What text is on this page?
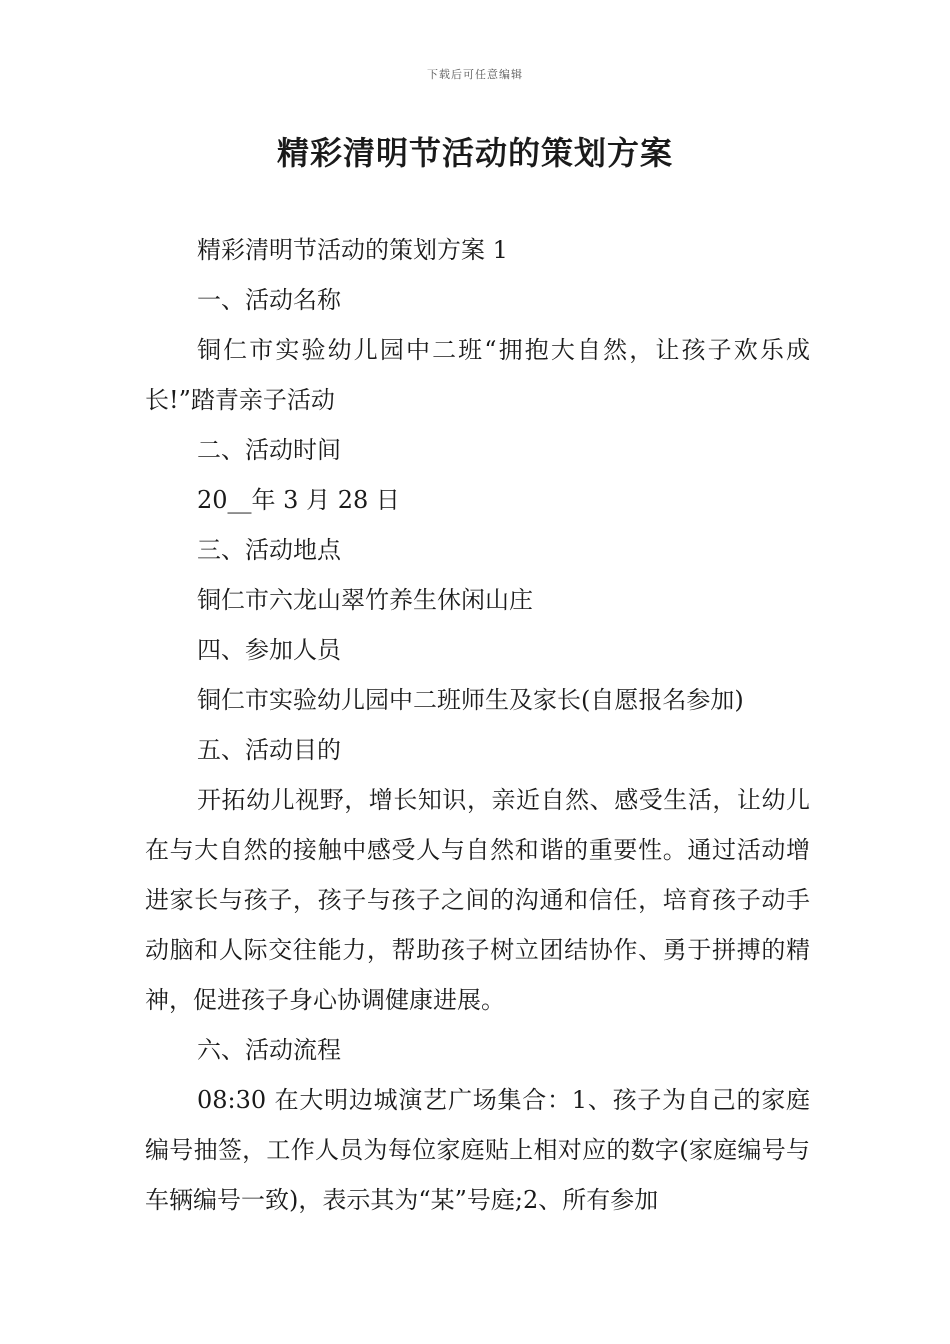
下载后可任意编辑
精彩清明节活动的策划方案

精彩清明节活动的策划方案 1

一、活动名称

铜仁市实验幼儿园中二班“拥抱大自然，让孩子欢乐成长!”踏青亲子活动

二、活动时间

20__年 3 月 28 日

三、活动地点

铜仁市六龙山翠竹养生休闲山庄

四、参加人员

铜仁市实验幼儿园中二班师生及家长(自愿报名参加)

五、活动目的

开拓幼儿视野，增长知识，亲近自然、感受生活，让幼儿在与大自然的接触中感受人与自然和谐的重要性。通过活动增进家长与孩子，孩子与孩子之间的沟通和信任，培育孩子动手动脑和人际交往能力，帮助孩子树立团结协作、勇于拼搏的精神，促进孩子身心协调健康进展。

六、活动流程

08:30 在大明边城演艺广场集合：1、孩子为自己的家庭编号抽签，工作人员为每位家庭贴上相对应的数字(家庭编号与车辆编号一致)，表示其为“某”号庭;2、所有参加
